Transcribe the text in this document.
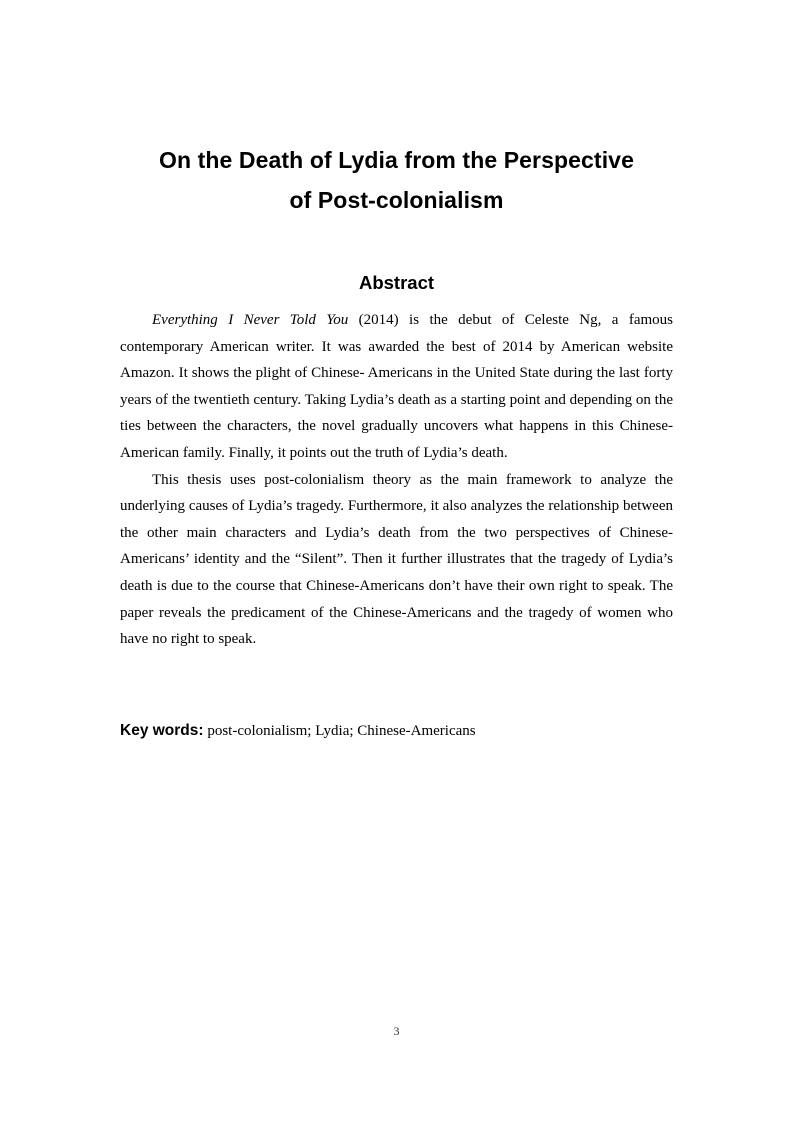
On the Death of Lydia from the Perspective
of Post-colonialism
Abstract

Everything I Never Told You (2014) is the debut of Celeste Ng, a famous contemporary American writer. It was awarded the best of 2014 by American website Amazon. It shows the plight of Chinese- Americans in the United State during the last forty years of the twentieth century. Taking Lydia’s death as a starting point and depending on the ties between the characters, the novel gradually uncovers what happens in this Chinese-American family. Finally, it points out the truth of Lydia’s death.

This thesis uses post-colonialism theory as the main framework to analyze the underlying causes of Lydia’s tragedy. Furthermore, it also analyzes the relationship between the other main characters and Lydia’s death from the two perspectives of Chinese-Americans’ identity and the “Silent”. Then it further illustrates that the tragedy of Lydia’s death is due to the course that Chinese-Americans don’t have their own right to speak. The paper reveals the predicament of the Chinese-Americans and the tragedy of women who have no right to speak.

Key words: post-colonialism; Lydia; Chinese-Americans
3
